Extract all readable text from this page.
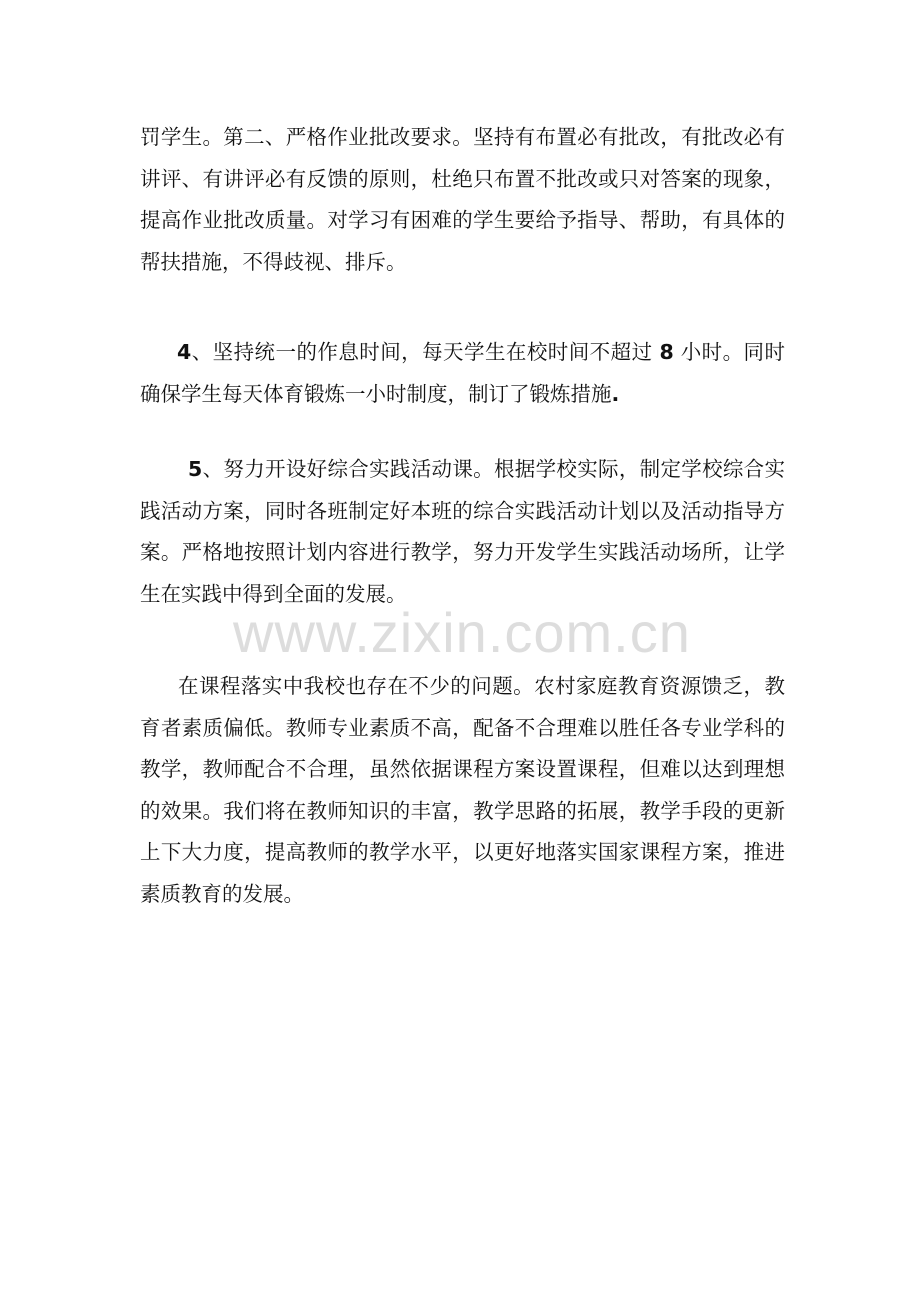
罚学生。第二、严格作业批改要求。坚持有布置必有批改，有批改必有讲评、有讲评必有反馈的原则，杜绝只布置不批改或只对答案的现象，提高作业批改质量。对学习有困难的学生要给予指导、帮助，有具体的帮扶措施，不得歧视、排斥。

4、坚持统一的作息时间，每天学生在校时间不超过 8 小时。同时确保学生每天体育锻炼一小时制度，制订了锻炼措施.

5、努力开设好综合实践活动课。根据学校实际，制定学校综合实践活动方案，同时各班制定好本班的综合实践活动计划以及活动指导方案。严格地按照计划内容进行教学，努力开发学生实践活动场所，让学生在实践中得到全面的发展。

在课程落实中我校也存在不少的问题。农村家庭教育资源馈乏，教育者素质偏低。教师专业素质不高，配备不合理难以胜任各专业学科的教学，教师配合不合理，虽然依据课程方案设置课程，但难以达到理想的效果。我们将在教师知识的丰富，教学思路的拓展，教学手段的更新上下大力度，提高教师的教学水平，以更好地落实国家课程方案，推进素质教育的发展。

www.zixin.com.cn
